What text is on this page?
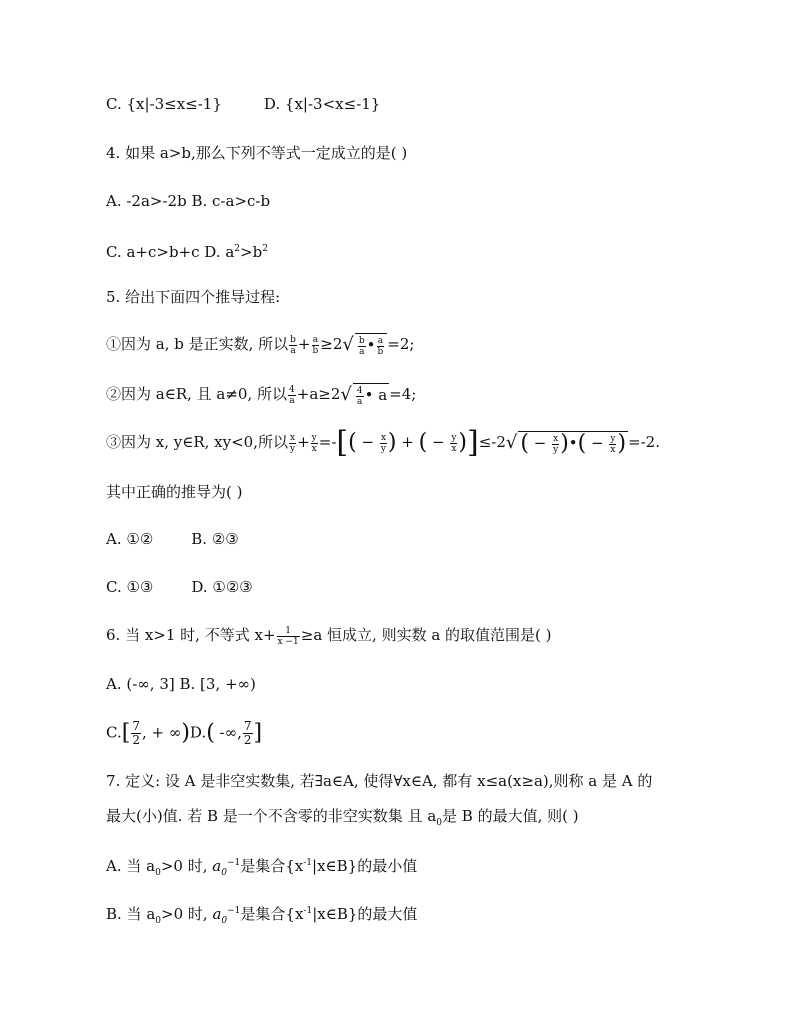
C. {x|-3≤x≤-1}	D. {x|-3<x≤-1}
4. 如果 a>b,那么下列不等式一定成立的是( )
A. -2a>-2b B. c-a>c-b
C. a+c>b+c D. $a^2>b^2$
5. 给出下面四个推导过程:
①因为 a, b 是正实数, 所以 $\frac{b}{a} + \frac{a}{b} \ge 2√ \frac{b}{a}$ • $\frac{a}{b} =2$;
②因为 a∈R, 且 a≠0, 所以 $\frac{4}{a} +a\ge 2√ \frac{4}{a}$ • a =4;
③因为 x, y∈R, xy<0,所以 $\frac{x}{y} + \frac{y}{x}$ =-[( − $\frac{x}{y}$ ) + ( − $\frac{y}{x} )]\le-2√$ ( − $\frac{x}{y}$ )•( − $\frac{y}{x}$ ) =-2.
其中正确的推导为( )
A. ①②	B. ②③
C. ①③	D. ①②③
6. 当 x>1 时, 不等式 $x+ \frac{1}{x -1} \ge a$ 恒成立, 则实数 a 的取值范围是( )
A. (-∞, 3] B. [3, +∞)
$C.[ \frac{7}{2}$ , + ∞)D.( -∞, $\frac{7}{2}$ ]
7. 定义: 设 A 是非空实数集, 若∃a∈A, 使得∀x∈A, 都有 x≤a(x≥a),则称 a 是 A 的
最大(小)值. 若 B 是一个不含零的非空实数集 且 $a_0$是 B 的最大值, 则( )
A. 当 $a_0>0$ 时, $a_0^{-1}$是集合$\{x^{-1}|x\in B\}$的最小值
B. 当 $a_0>0$ 时, $a_0^{-1}$是集合$\{x^{-1}|x\in B\}$的最大值
